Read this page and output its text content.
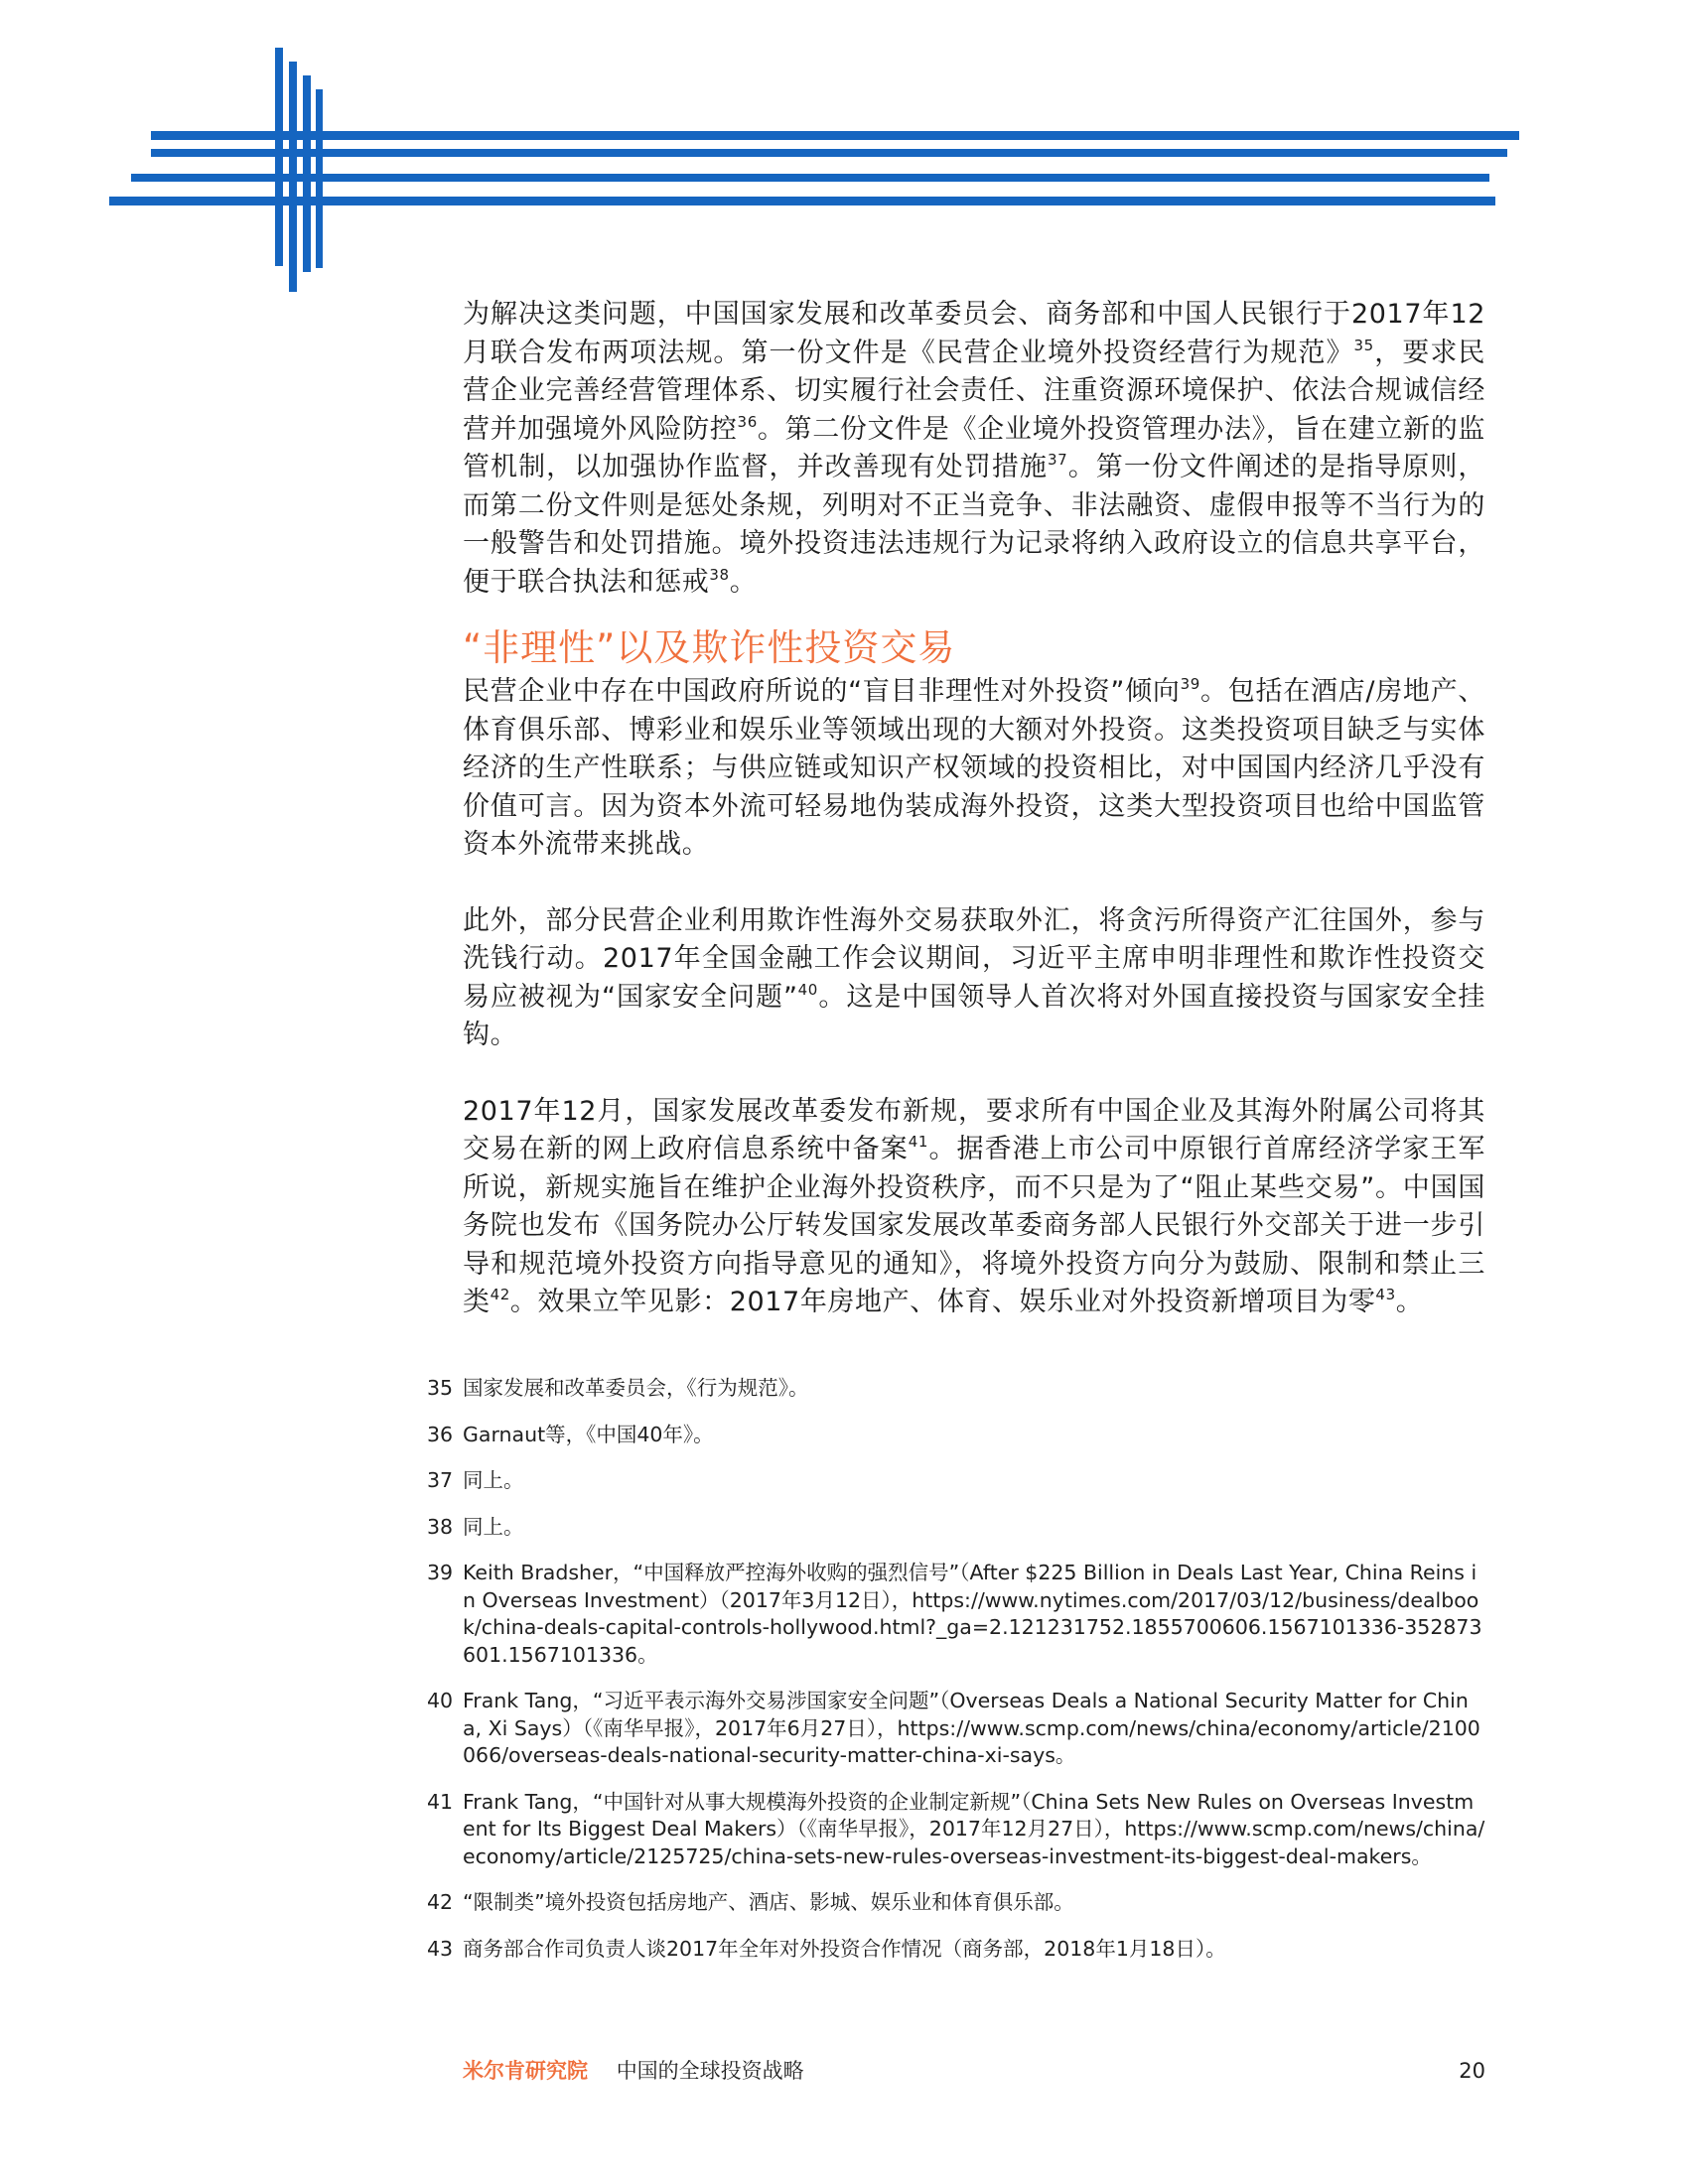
为解决这类问题，中国国家发展和改革委员会、商务部和中国人民银行于2017年12月联合发布两项法规。第一份文件是《民营企业境外投资经营行为规范》$^{35}$，要求民营企业完善经营管理体系、切实履行社会责任、注重资源环境保护、依法合规诚信经营并加强境外风险防控$^{36}$。第二份文件是《企业境外投资管理办法》，旨在建立新的监管机制，以加强协作监督，并改善现有处罚措施$^{37}$。第一份文件阐述的是指导原则，而第二份文件则是惩处条规，列明对不正当竞争、非法融资、虚假申报等不当行为的一般警告和处罚措施。境外投资违法违规行为记录将纳入政府设立的信息共享平台，便于联合执法和惩戒$^{38}$。

“非理性”以及欺诈性投资交易

民营企业中存在中国政府所说的“盲目非理性对外投资”倾向$^{39}$。包括在酒店/房地产、体育俱乐部、博彩业和娱乐业等领域出现的大额对外投资。这类投资项目缺乏与实体经济的生产性联系；与供应链或知识产权领域的投资相比，对中国国内经济几乎没有价值可言。因为资本外流可轻易地伪装成海外投资，这类大型投资项目也给中国监管资本外流带来挑战。

此外，部分民营企业利用欺诈性海外交易获取外汇，将贪污所得资产汇往国外，参与洗钱行动。2017年全国金融工作会议期间，习近平主席申明非理性和欺诈性投资交易应被视为“国家安全问题”$^{40}$。这是中国领导人首次将对外国直接投资与国家安全挂钩。

2017年12月，国家发展改革委发布新规，要求所有中国企业及其海外附属公司将其交易在新的网上政府信息系统中备案$^{41}$。据香港上市公司中原银行首席经济学家王军所说，新规实施旨在维护企业海外投资秩序，而不只是为了“阻止某些交易”。中国国务院也发布《国务院办公厅转发国家发展改革委商务部人民银行外交部关于进一步引导和规范境外投资方向指导意见的通知》，将境外投资方向分为鼓励、限制和禁止三类$^{42}$。效果立竿见影：2017年房地产、体育、娱乐业对外投资新增项目为零$^{43}$。

35 国家发展和改革委员会，《行为规范》。
36 Garnaut等，《中国40年》。
37 同上。
38 同上。
39 Keith Bradsher，“中国释放严控海外收购的强烈信号”（After $225 Billion in Deals Last Year, China Reins in Overseas Investment）（2017年3月12日），https://www.nytimes.com/2017/03/12/business/dealbook/china-deals-capital-controls-hollywood.html?_ga=2.121231752.1855700606.1567101336-352873601.1567101336。
40 Frank Tang，“习近平表示海外交易涉国家安全问题”（Overseas Deals a National Security Matter for China, Xi Says）（《南华早报》，2017年6月27日），https://www.scmp.com/news/china/economy/article/2100066/overseas-deals-national-security-matter-china-xi-says。
41 Frank Tang，“中国针对从事大规模海外投资的企业制定新规”（China Sets New Rules on Overseas Investment for Its Biggest Deal Makers）（《南华早报》，2017年12月27日），https://www.scmp.com/news/china/economy/article/2125725/china-sets-new-rules-overseas-investment-its-biggest-deal-makers。
42 “限制类”境外投资包括房地产、酒店、影城、娱乐业和体育俱乐部。
43 商务部合作司负责人谈2017年全年对外投资合作情况（商务部，2018年1月18日）。
米尔肯研究院 中国的全球投资战略	20
